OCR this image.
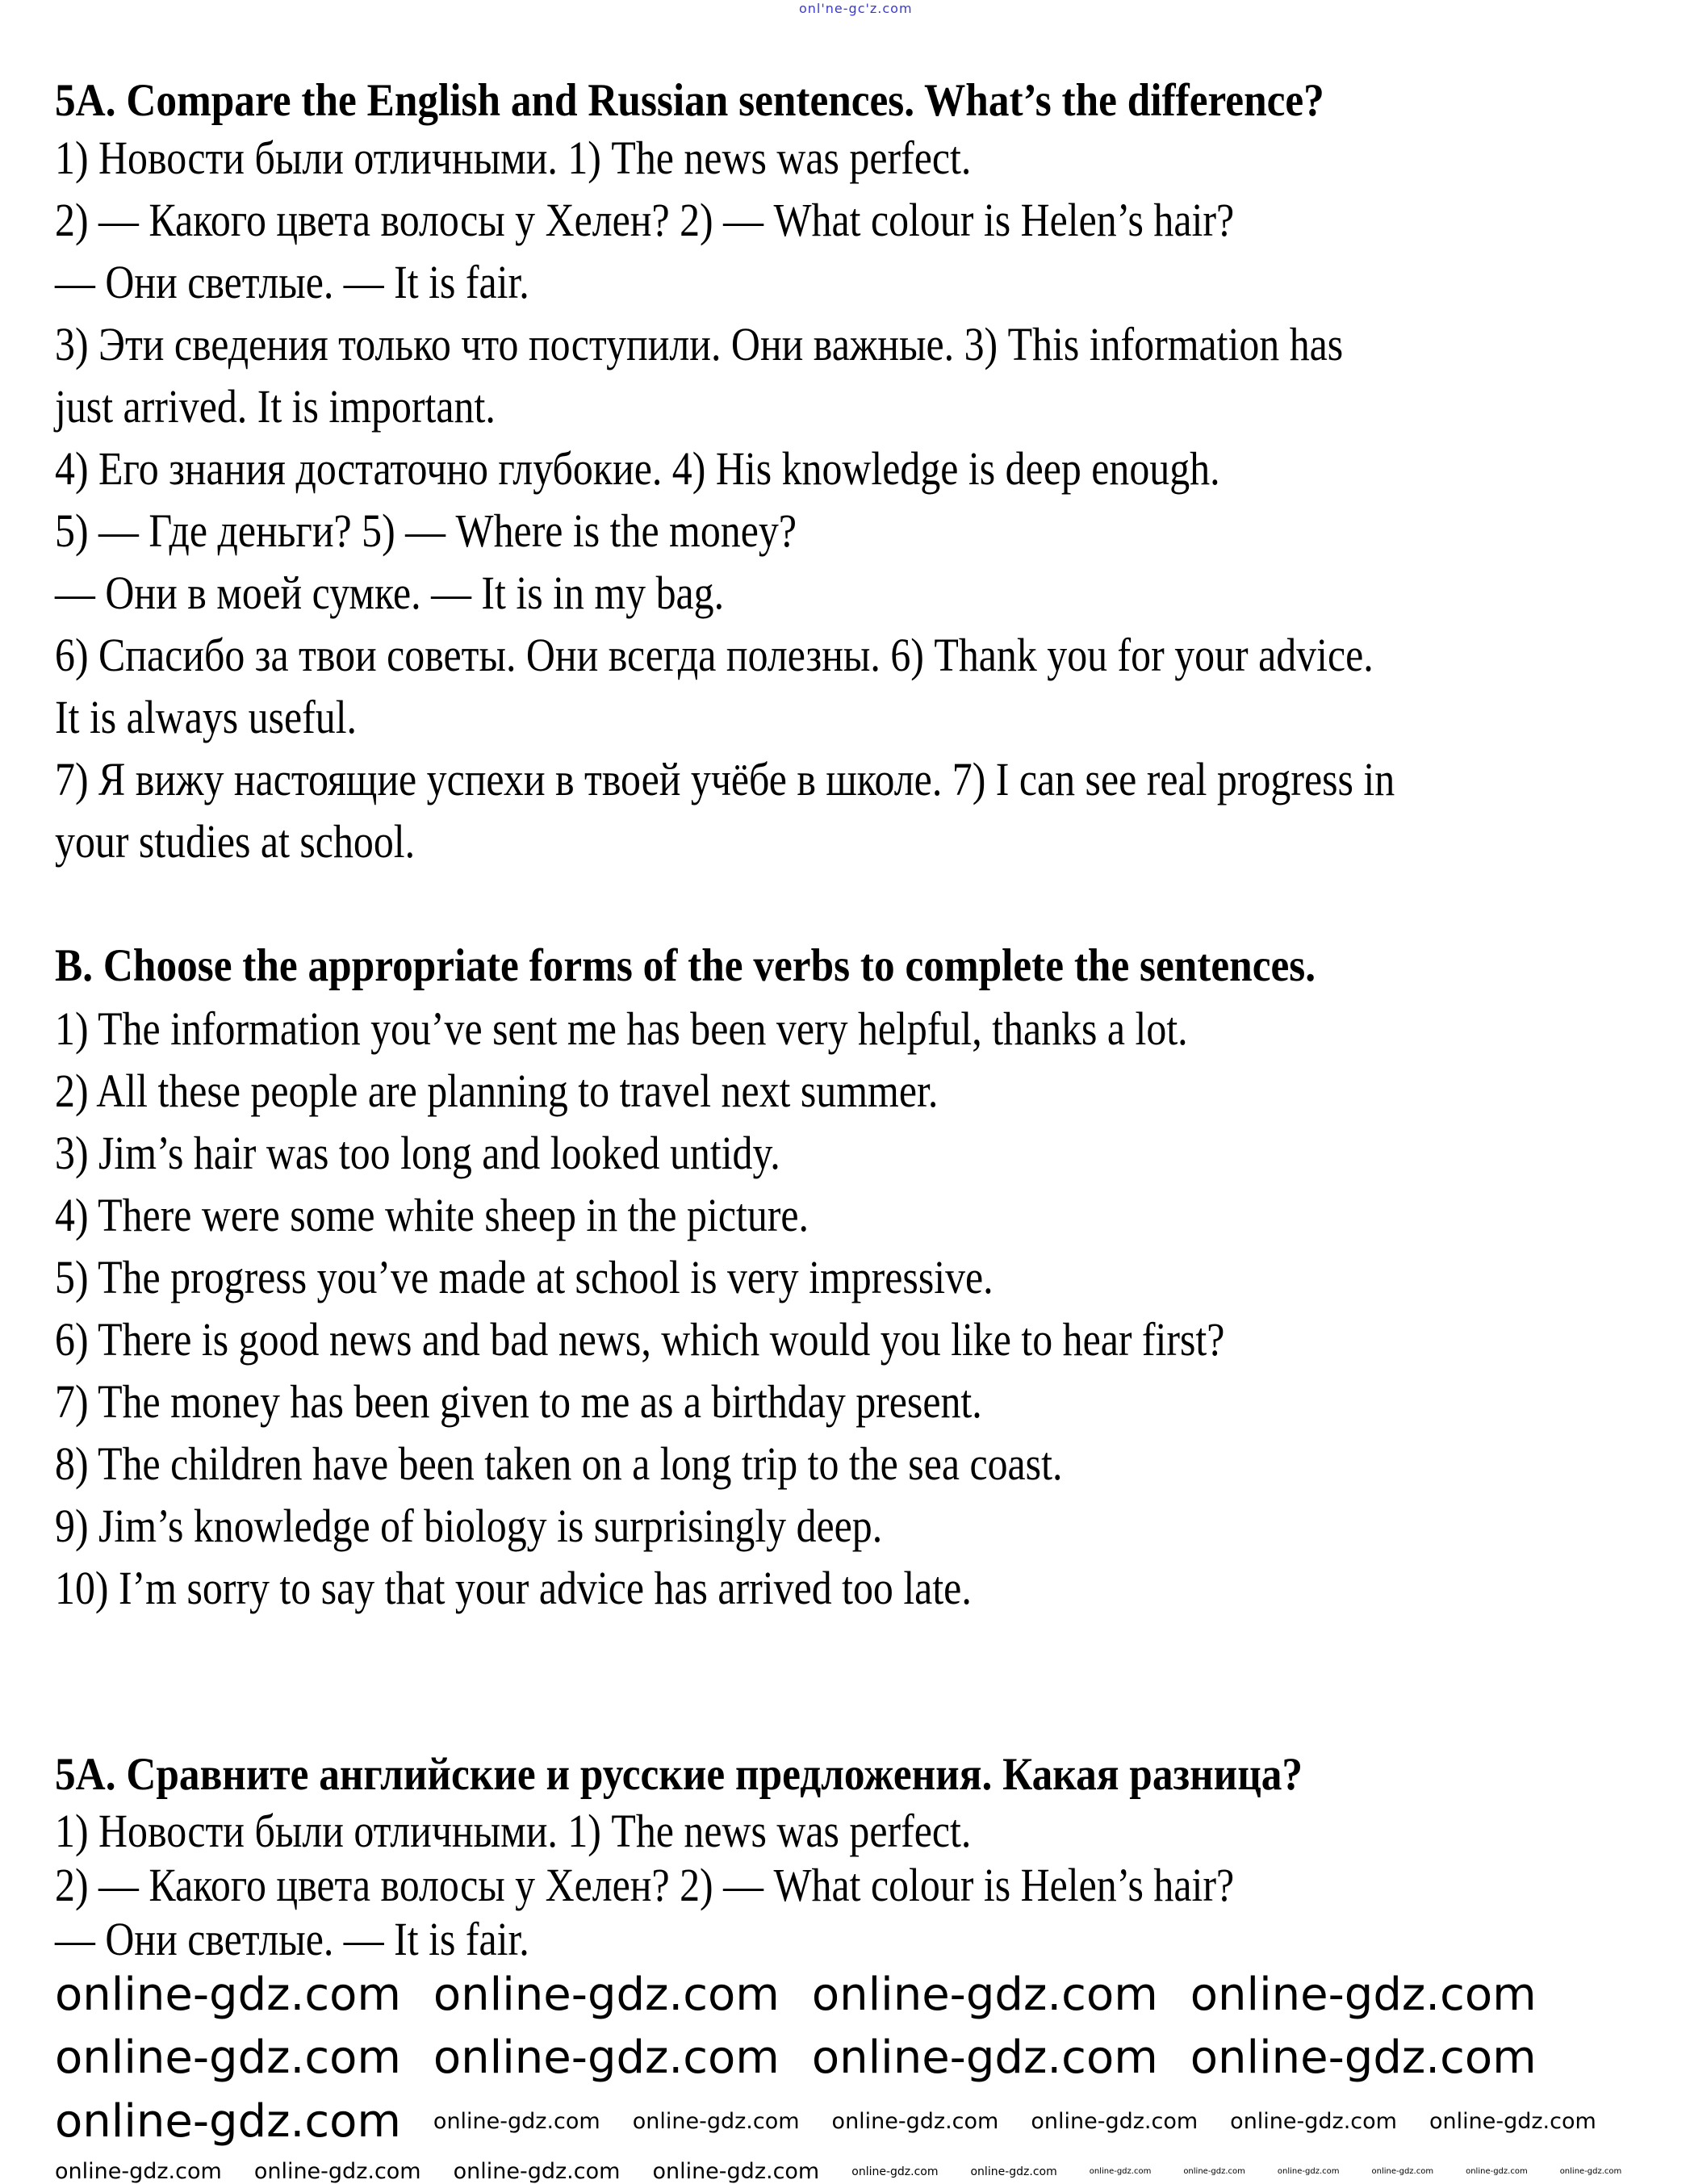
onl'ne-gc'z.com
5A. Compare the English and Russian sentences. What’s the difference?
1) Новости были отличными. 1) The news was perfect.
2) — Какого цвета волосы у Хелен? 2) — What colour is Helen’s hair?
— Они светлые. — It is fair.
3) Эти сведения только что поступили. Они важные. 3) This information has
just arrived. It is important.
4) Его знания достаточно глубокие. 4) His knowledge is deep enough.
5) — Где деньги? 5) — Where is the money?
— Они в моей сумке. — It is in my bag.
6) Спасибо за твои советы. Они всегда полезны. 6) Thank you for your advice.
It is always useful.
7) Я вижу настоящие успехи в твоей учёбе в школе. 7) I can see real progress in
your studies at school.
B. Choose the appropriate forms of the verbs to complete the sentences.
1) The information you’ve sent me has been very helpful, thanks a lot.
2) All these people are planning to travel next summer.
3) Jim’s hair was too long and looked untidy.
4) There were some white sheep in the picture.
5) The progress you’ve made at school is very impressive.
6) There is good news and bad news, which would you like to hear first?
7) The money has been given to me as a birthday present.
8) The children have been taken on a long trip to the sea coast.
9) Jim’s knowledge of biology is surprisingly deep.
10) I’m sorry to say that your advice has arrived too late.
5А. Сравните английские и русские предложения. Какая разница?
1) Новости были отличными. 1) The news was perfect.
2) — Какого цвета волосы у Хелен? 2) — What colour is Helen’s hair?
— Они светлые. — It is fair.
online-gdz.com online-gdz.com online-gdz.com online-gdz.com
online-gdz.com online-gdz.com online-gdz.com online-gdz.com
online-gdz.com online-gdz.com online-gdz.com online-gdz.com online-gdz.com online-gdz.com online-gdz.com
online-gdz.com online-gdz.com online-gdz.com online-gdz.com	online-gdz.com	online-gdz.com	online-gdz.com	online-gdz.com	online-gdz.com	online-gdz.com	online-gdz.com	online-gdz.com
